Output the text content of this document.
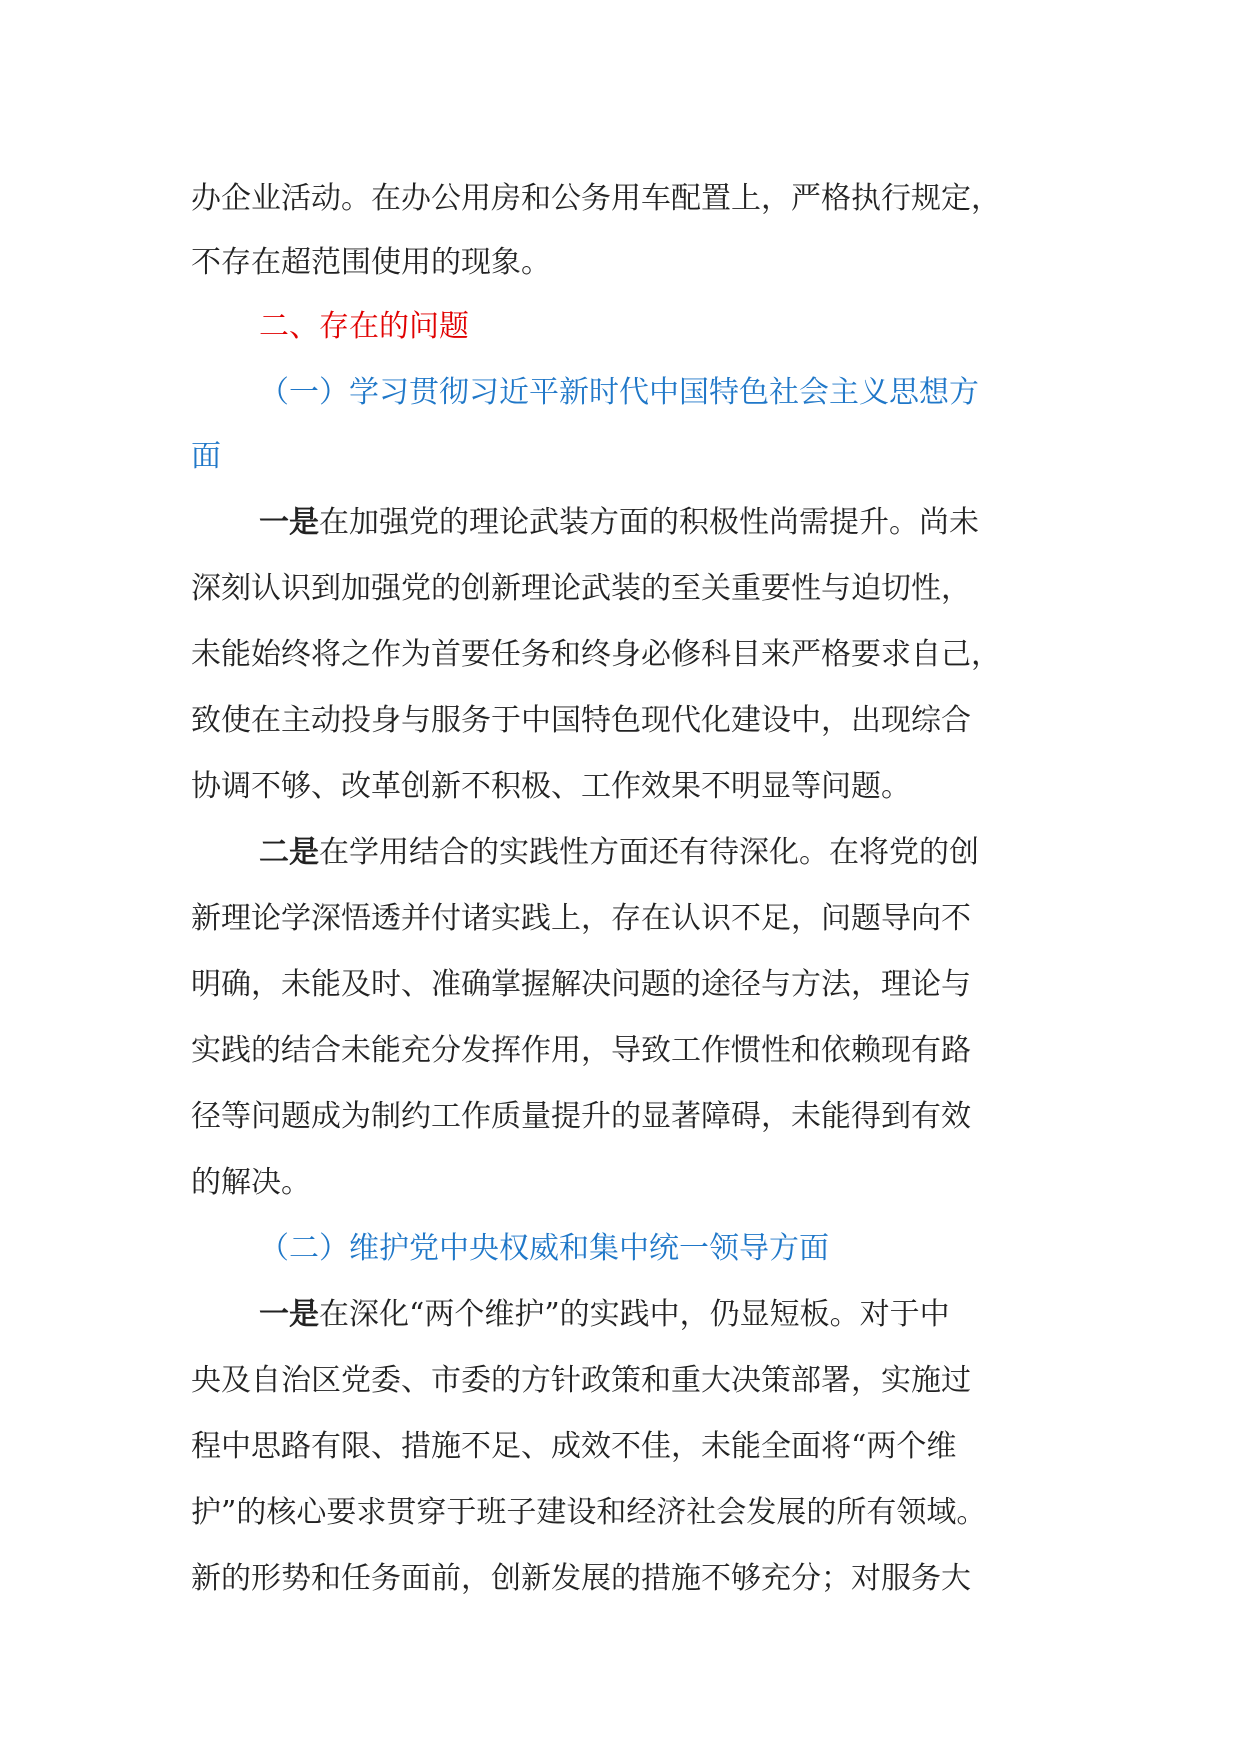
办企业活动。在办公用房和公务用车配置上，严格执行规定，

不存在超范围使用的现象。

二、存在的问题

（一）学习贯彻习近平新时代中国特色社会主义思想方

面

一是在加强党的理论武装方面的积极性尚需提升。尚未

深刻认识到加强党的创新理论武装的至关重要性与迫切性，

未能始终将之作为首要任务和终身必修科目来严格要求自己，

致使在主动投身与服务于中国特色现代化建设中，出现综合

协调不够、改革创新不积极、工作效果不明显等问题。

二是在学用结合的实践性方面还有待深化。在将党的创

新理论学深悟透并付诸实践上，存在认识不足，问题导向不

明确，未能及时、准确掌握解决问题的途径与方法，理论与

实践的结合未能充分发挥作用，导致工作惯性和依赖现有路

径等问题成为制约工作质量提升的显著障碍，未能得到有效

的解决。

（二）维护党中央权威和集中统一领导方面

一是在深化“两个维护”的实践中，仍显短板。对于中

央及自治区党委、市委的方针政策和重大决策部署，实施过

程中思路有限、措施不足、成效不佳，未能全面将“两个维

护”的核心要求贯穿于班子建设和经济社会发展的所有领域。

新的形势和任务面前，创新发展的措施不够充分；对服务大
